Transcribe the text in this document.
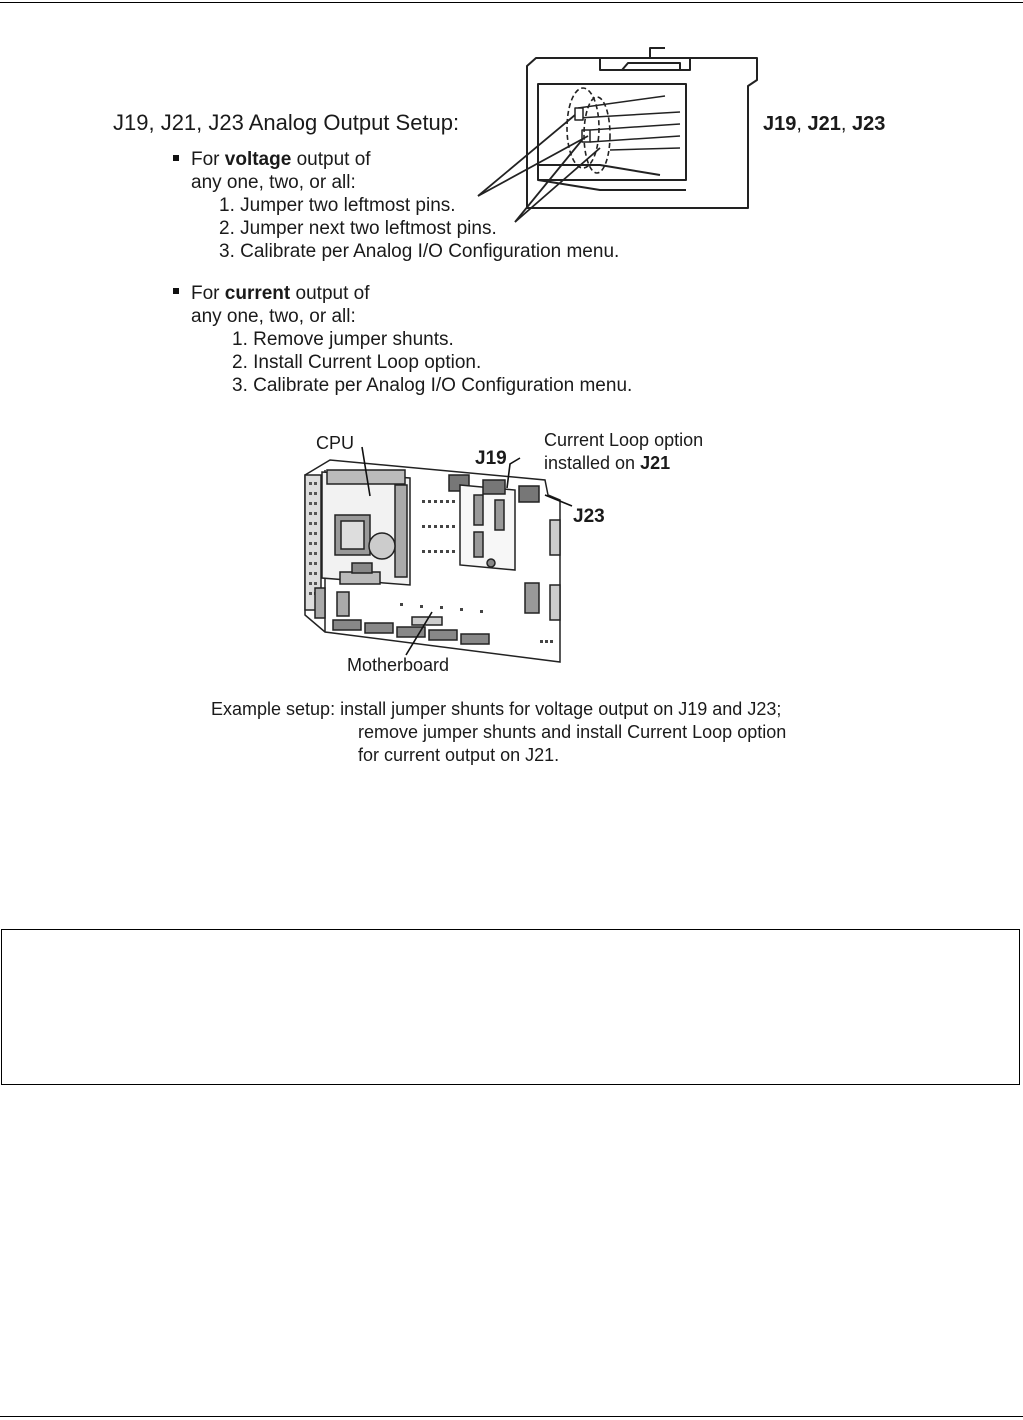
J19, J21, J23 Analog Output Setup:
For voltage output of
any one, two, or all:
1. Jumper two leftmost pins.
2. Jumper next two leftmost pins.
3. Calibrate per Analog I/O Configuration menu.
For current output of
any one, two, or all:
1. Remove jumper shunts.
2. Install Current Loop option.
3. Calibrate per Analog I/O Configuration menu.
J19, J21, J23
CPU
J19
Current Loop option
installed on J21
J23
Motherboard
Example setup: install jumper shunts for voltage output on J19 and J23;
remove jumper shunts and install Current Loop option
for current output on J21.
